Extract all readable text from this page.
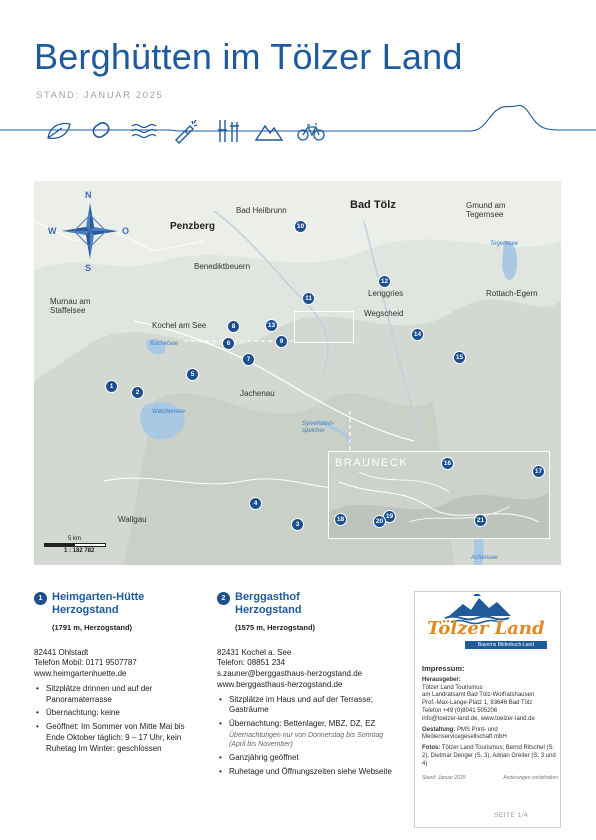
Berghütten im Tölzer Land
STAND: JANUAR 2025
N
S
W	O	Penzberg
Bad Heilbrunn	Bad Tölz	Gmund am
Tegernsee
Benediktbeuern
Lenggries	Rottach-Egern
Murnau am
Staffelsee
Kochel am See
Wegscheid
Jachenau
Wallgau
Tegernsee
Kochelsee
Walchensee
Sylvenstein-
speicher
Achensee
1
2
3
4
5
6
7
8
9
10
11
12
13
14
15
BRAUNECK	16
17
18	19
20	21
5 km
1 : 182 782
1 Heimgarten-Hütte
Herzogstand
(1791 m, Herzogstand)
82441 Ohlstadt
Telefon Mobil: 0171 9507787
www.heimgartenhuette.de
• Sitzplätze drinnen und auf der Panoramaterrasse
• Übernachtung: keine
• Geöffnet: Im Sommer von Mitte Mai bis Ende Oktober täglich: 9 – 17 Uhr, kein Ruhetag Im Winter: geschlossen
2 Berggasthof
Herzogstand
(1575 m, Herzogstand)
82431 Kochel a. See
Telefon: 08851 234
s.zauner@berggasthaus-herzogstand.de
www.berggasthaus-herzogstand.de
• Sitzplätze im Haus und auf der Terrasse; Gasträume
• Übernachtung: Bettenlager, MBZ, DZ, EZ
Übernachtungen nur von Donnerstag bis Sonntag (April bis November)
• Ganzjährig geöffnet
• Ruhetage und Öffnungszeiten siehe Webseite
Tölzer Land
Bayerns Bilderbuch-Land
Impressum:
Herausgeber:
Tölzer Land Tourismus
am Landratsamt Bad Tölz-Wolfratshausen
Prof.-Max-Lange-Platz 1, 83646 Bad Tölz
Telefon +49 (0)8041 505206
info@toelzer-land.de, www.toelzer-land.de
Gestaltung: PMS Print- und Medienservicegesellschaft mbH
Fotos: Tölzer Land Tourismus; Bernd Ritschel (S. 2), Dietmar Denger (S. 3), Adrian Greiter (S. 3 und 4)
Stand: Januar 2025	Änderungen vorbehalten
SEITE 1/4
